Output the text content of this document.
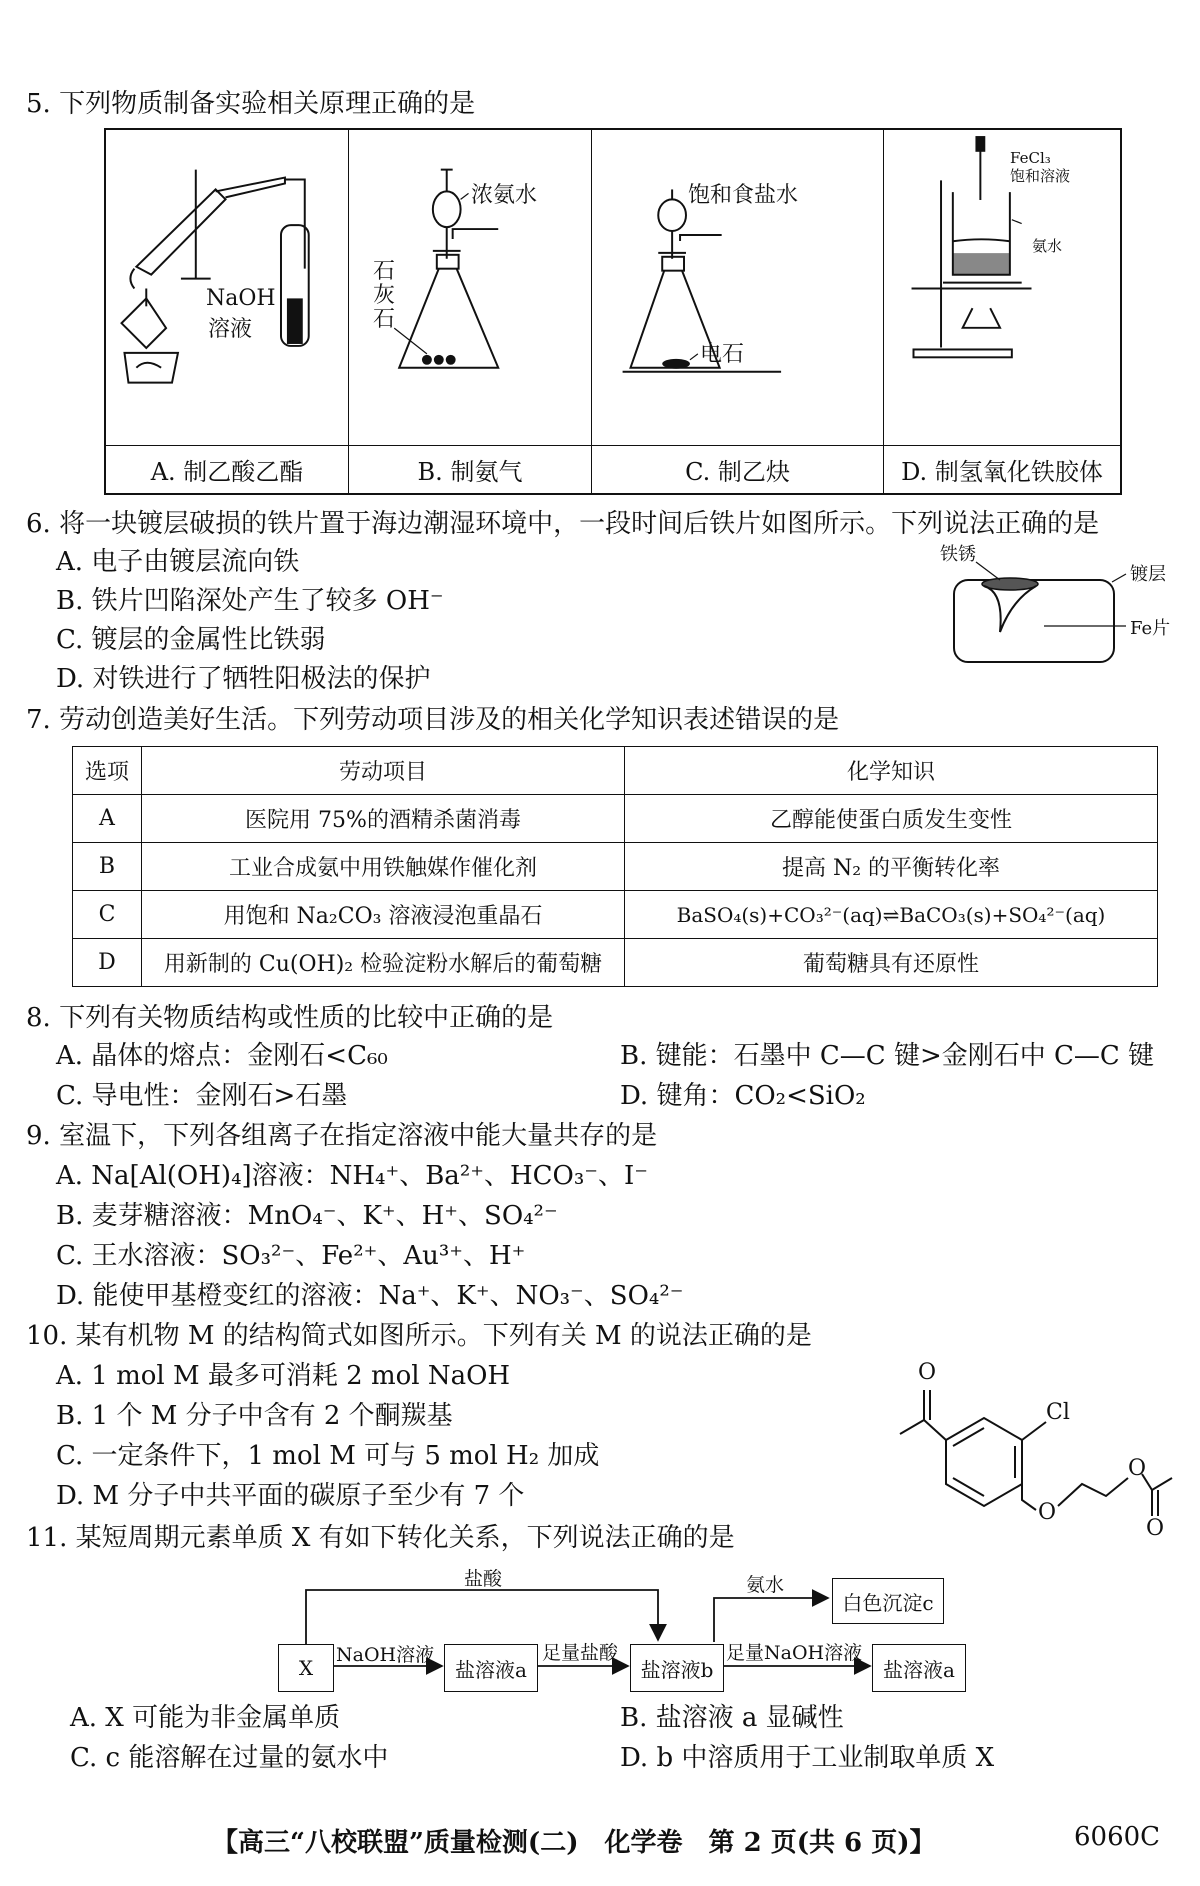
5. 下列物质制备实验相关原理正确的是
NaOH
溶液
浓氨水
石
灰
石
饱和食盐水
电石
FeCl₃
饱和溶液
氨水
A. 制乙酸乙酯	B. 制氨气	C. 制乙炔	D. 制氢氧化铁胶体
6. 将一块镀层破损的铁片置于海边潮湿环境中，一段时间后铁片如图所示。下列说法正确的是
A. 电子由镀层流向铁
B. 铁片凹陷深处产生了较多 OH⁻
C. 镀层的金属性比铁弱
D. 对铁进行了牺牲阳极法的保护
铁锈
镀层
Fe片
7. 劳动创造美好生活。下列劳动项目涉及的相关化学知识表述错误的是
选项	劳动项目	化学知识
A	医院用 75%的酒精杀菌消毒	乙醇能使蛋白质发生变性
B	工业合成氨中用铁触媒作催化剂	提高 N₂ 的平衡转化率
C	用饱和 Na₂CO₃ 溶液浸泡重晶石	BaSO₄(s)+CO₃²⁻(aq)⇌BaCO₃(s)+SO₄²⁻(aq)
D	用新制的 Cu(OH)₂ 检验淀粉水解后的葡萄糖	葡萄糖具有还原性
8. 下列有关物质结构或性质的比较中正确的是
A. 晶体的熔点：金刚石<C₆₀	B. 键能：石墨中 C—C 键>金刚石中 C—C 键
C. 导电性：金刚石>石墨	D. 键角：CO₂<SiO₂
9. 室温下，下列各组离子在指定溶液中能大量共存的是
A. Na[Al(OH)₄]溶液：NH₄⁺、Ba²⁺、HCO₃⁻、I⁻
B. 麦芽糖溶液：MnO₄⁻、K⁺、H⁺、SO₄²⁻
C. 王水溶液：SO₃²⁻、Fe²⁺、Au³⁺、H⁺
D. 能使甲基橙变红的溶液：Na⁺、K⁺、NO₃⁻、SO₄²⁻
10. 某有机物 M 的结构简式如图所示。下列有关 M 的说法正确的是
A. 1 mol M 最多可消耗 2 mol NaOH
B. 1 个 M 分子中含有 2 个酮羰基
C. 一定条件下，1 mol M 可与 5 mol H₂ 加成
D. M 分子中共平面的碳原子至少有 7 个
O
Cl
O
O
O
11. 某短周期元素单质 X 有如下转化关系，下列说法正确的是
X	盐溶液a	盐溶液b
白色沉淀c
盐溶液a
盐酸
NaOH溶液	足量盐酸
氨水
足量NaOH溶液
A. X 可能为非金属单质	B. 盐溶液 a 显碱性
C. c 能溶解在过量的氨水中	D. b 中溶质用于工业制取单质 X
【高三“八校联盟”质量检测(二)　化学卷　第 2 页(共 6 页)】	6060C
